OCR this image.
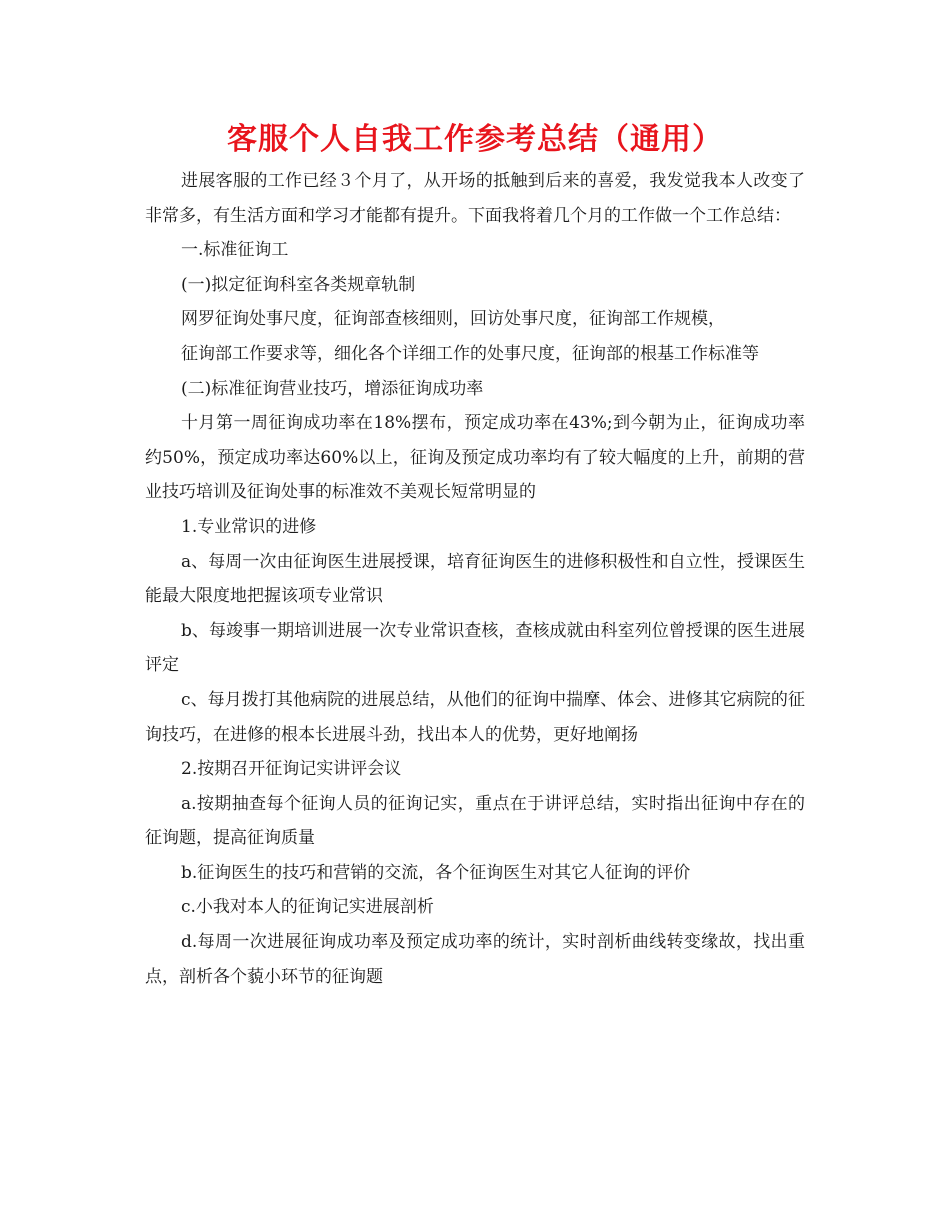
客服个人自我工作参考总结（通用）

进展客服的工作已经３个月了，从开场的抵触到后来的喜爱，我发觉我本人改变了非常多，有生活方面和学习才能都有提升。下面我将着几个月的工作做一个工作总结：

一.标准征询工

(一)拟定征询科室各类规章轨制

网罗征询处事尺度，征询部查核细则，回访处事尺度，征询部工作规模，

征询部工作要求等，细化各个详细工作的处事尺度，征询部的根基工作标准等

(二)标准征询营业技巧，增添征询成功率

十月第一周征询成功率在18%摆布，预定成功率在43%;到今朝为止，征询成功率约50%，预定成功率达60%以上，征询及预定成功率均有了较大幅度的上升，前期的营业技巧培训及征询处事的标准效不美观长短常明显的

1.专业常识的进修

a、每周一次由征询医生进展授课，培育征询医生的进修积极性和自立性，授课医生能最大限度地把握该项专业常识

b、每竣事一期培训进展一次专业常识查核，查核成就由科室列位曾授课的医生进展评定

c、每月拨打其他病院的进展总结，从他们的征询中揣摩、体会、进修其它病院的征询技巧，在进修的根本长进展斗劲，找出本人的优势，更好地阐扬

2.按期召开征询记实讲评会议

a.按期抽查每个征询人员的征询记实，重点在于讲评总结，实时指出征询中存在的征询题，提高征询质量

b.征询医生的技巧和营销的交流，各个征询医生对其它人征询的评价

c.小我对本人的征询记实进展剖析

d.每周一次进展征询成功率及预定成功率的统计，实时剖析曲线转变缘故，找出重点，剖析各个藐小环节的征询题
